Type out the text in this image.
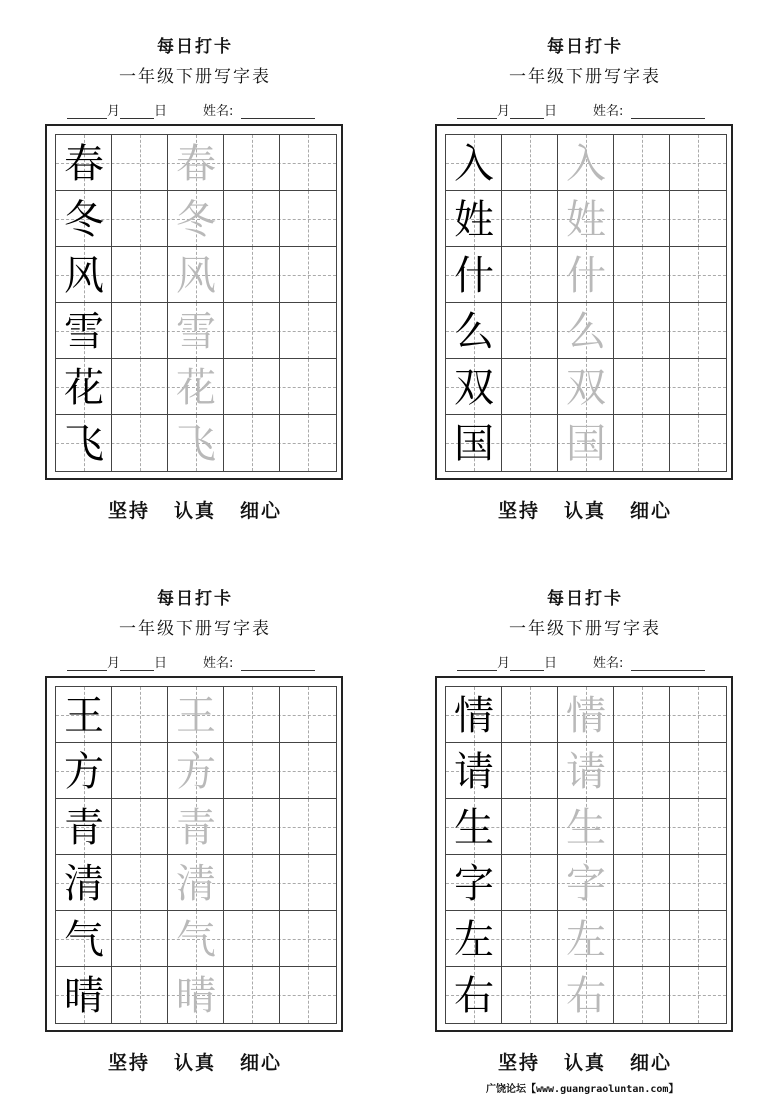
每日打卡
一年级下册写字表
月	日	姓名:
春 春
冬 冬
风 风
雪 雪
花 花
飞 飞
坚持 认真 细心
每日打卡
一年级下册写字表
月	日	姓名:
入 入
姓 姓
什 什
么 么
双 双
国 国
坚持 认真 细心
每日打卡
一年级下册写字表
月	日	姓名:
王 王
方 方
青 青
清 清
气 气
晴 晴
坚持 认真 细心
每日打卡
一年级下册写字表
月	日	姓名:
情 情
请 请
生 生
字 字
左 左
右 右
坚持 认真 细心
广饶论坛【www.guangraoluntan.com】
